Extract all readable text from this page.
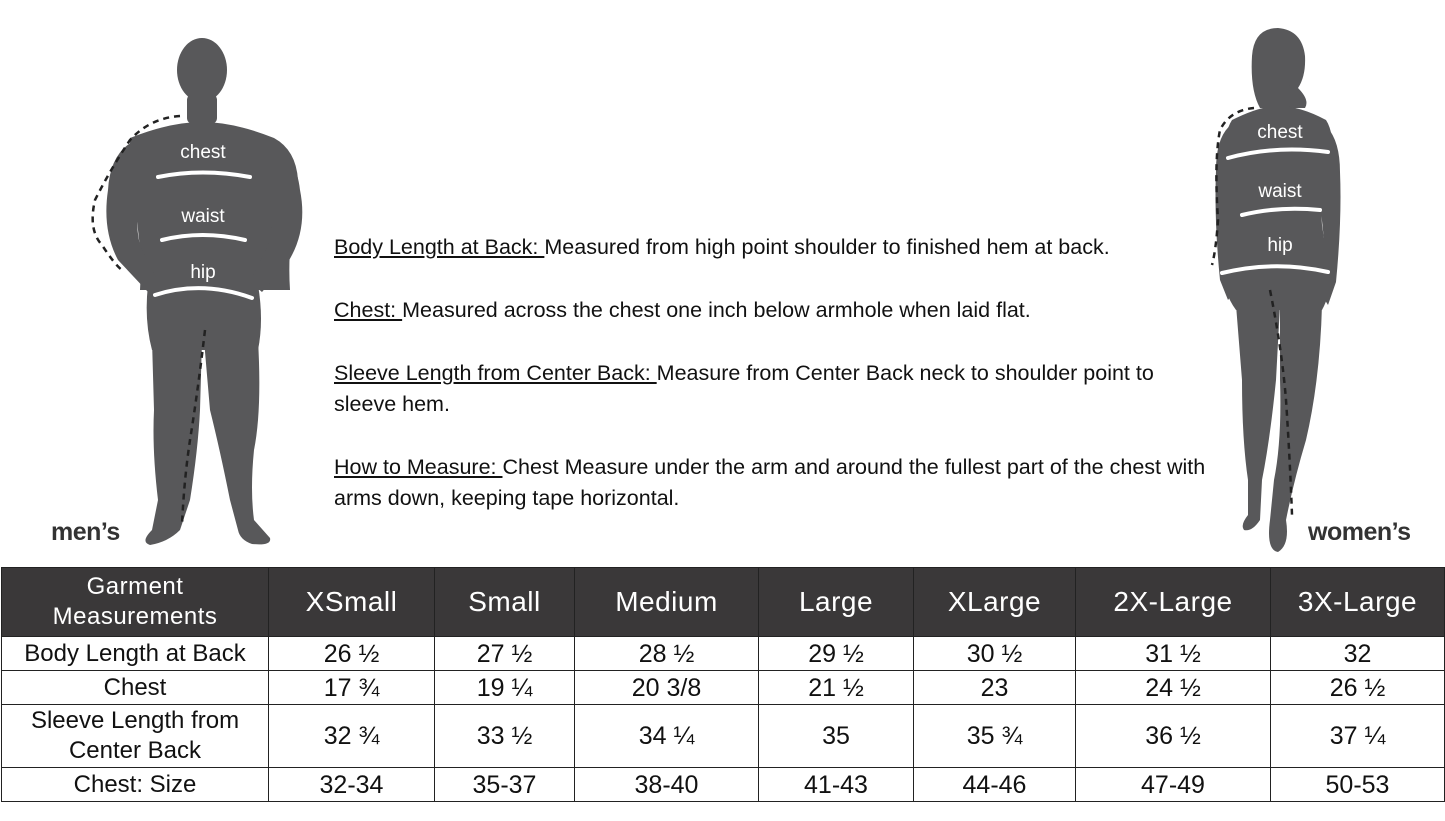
chest
waist
hip
men’s
chest
waist
hip
women’s

Body Length at Back: Measured from high point shoulder to finished hem at back.

Chest: Measured across the chest one inch below armhole when laid flat.

Sleeve Length from Center Back: Measure from Center Back neck to shoulder point to sleeve hem.

How to Measure: Chest Measure under the arm and around the fullest part of the chest with arms down, keeping tape horizontal.

Garment
Measurements	XSmall	Small	Medium	Large	XLarge	2X-Large	3X-Large
Body Length at Back	26 ½	27 ½	28 ½	29 ½	30 ½	31 ½	32
Chest	17 ¾	19 ¼	20 3/8	21 ½	23	24 ½	26 ½
Sleeve Length from
Center Back	32 ¾	33 ½	34 ¼	35	35 ¾	36 ½	37 ¼
Chest: Size	32-34	35-37	38-40	41-43	44-46	47-49	50-53
